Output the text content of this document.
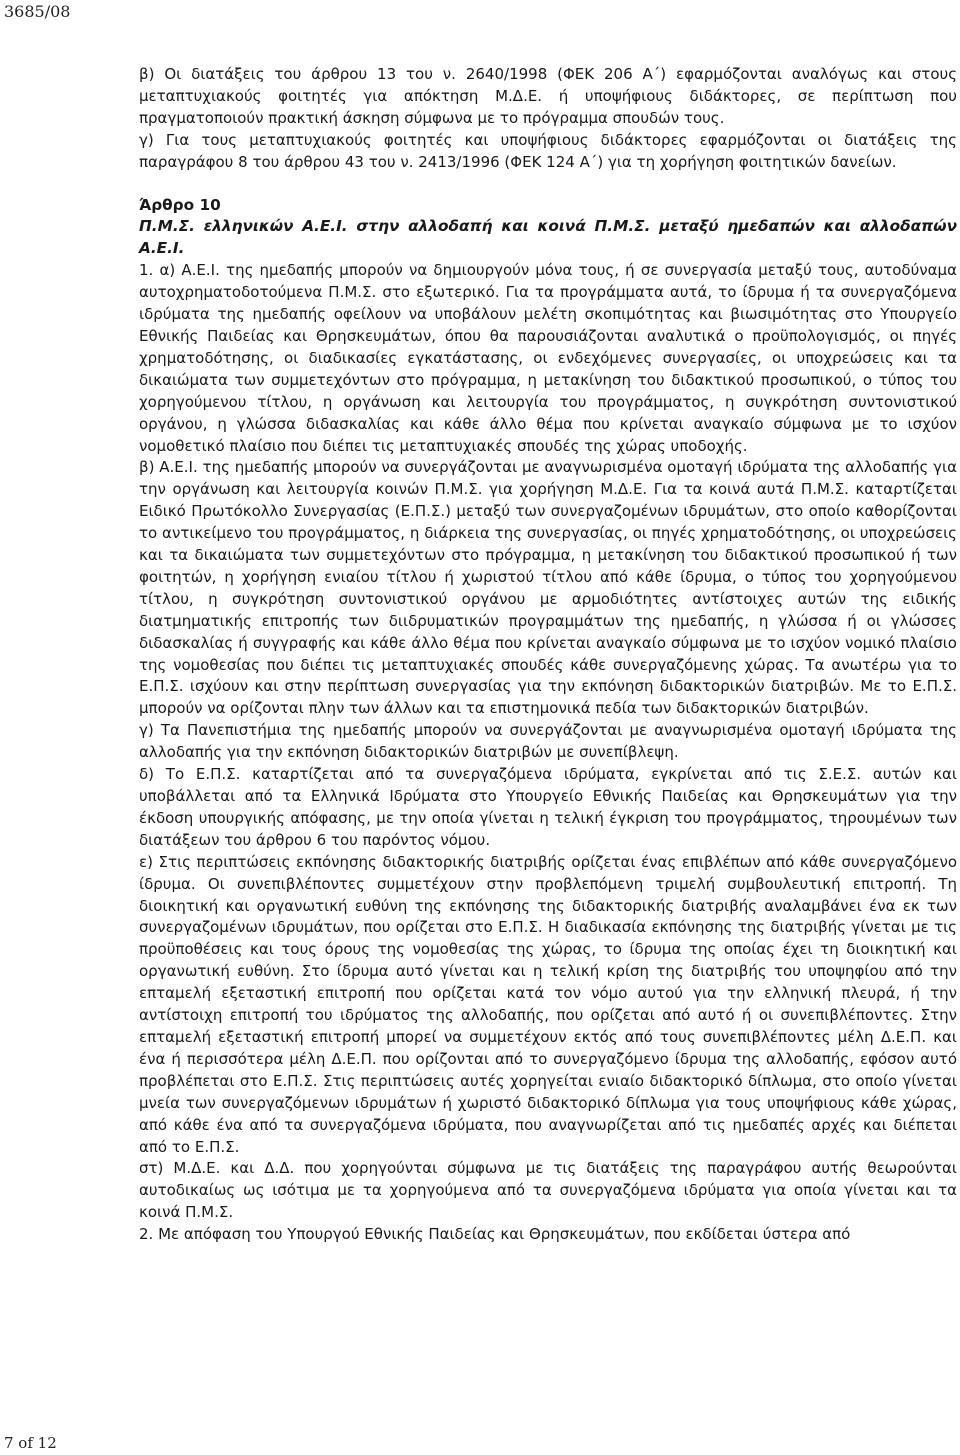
3685/08

β) Οι διατάξεις του άρθρου 13 του ν. 2640/1998 (ΦΕΚ 206 Α΄) εφαρμόζονται αναλόγως και στους μεταπτυχιακούς φοιτητές για απόκτηση Μ.Δ.Ε. ή υποψήφιους διδάκτορες, σε περίπτωση που πραγματοποιούν πρακτική άσκηση σύμφωνα με το πρόγραμμα σπουδών τους.

γ) Για τους μεταπτυχιακούς φοιτητές και υποψήφιους διδάκτορες εφαρμόζονται οι διατάξεις της παραγράφου 8 του άρθρου 43 του ν. 2413/1996 (ΦΕΚ 124 Α΄) για τη χορήγηση φοιτητικών δανείων.

Άρθρο 10

Π.Μ.Σ. ελληνικών Α.Ε.Ι. στην αλλοδαπή και κοινά Π.Μ.Σ. μεταξύ ημεδαπών και αλλοδαπών Α.Ε.Ι.

1. α) Α.Ε.Ι. της ημεδαπής μπορούν να δημιουργούν μόνα τους, ή σε συνεργασία μεταξύ τους, αυτοδύναμα αυτοχρηματοδοτούμενα Π.Μ.Σ. στο εξωτερικό. Για τα προγράμματα αυτά, το ίδρυμα ή τα συνεργαζόμενα ιδρύματα της ημεδαπής οφείλουν να υποβάλουν μελέτη σκοπιμότητας και βιωσιμότητας στο Υπουργείο Εθνικής Παιδείας και Θρησκευμάτων, όπου θα παρουσιάζονται αναλυτικά ο προϋπολογισμός, οι πηγές χρηματοδότησης, οι διαδικασίες εγκατάστασης, οι ενδεχόμενες συνεργασίες, οι υποχρεώσεις και τα δικαιώματα των συμμετεχόντων στο πρόγραμμα, η μετακίνηση του διδακτικού προσωπικού, ο τύπος του χορηγούμενου τίτλου, η οργάνωση και λειτουργία του προγράμματος, η συγκρότηση συντονιστικού οργάνου, η γλώσσα διδασκαλίας και κάθε άλλο θέμα που κρίνεται αναγκαίο σύμφωνα με το ισχύον νομοθετικό πλαίσιο που διέπει τις μεταπτυχιακές σπουδές της χώρας υποδοχής.

β) Α.Ε.Ι. της ημεδαπής μπορούν να συνεργάζονται με αναγνωρισμένα ομοταγή ιδρύματα της αλλοδαπής για την οργάνωση και λειτουργία κοινών Π.Μ.Σ. για χορήγηση Μ.Δ.Ε. Για τα κοινά αυτά Π.Μ.Σ. καταρτίζεται Ειδικό Πρωτόκολλο Συνεργασίας (Ε.Π.Σ.) μεταξύ των συνεργαζομένων ιδρυμάτων, στο οποίο καθορίζονται το αντικείμενο του προγράμματος, η διάρκεια της συνεργασίας, οι πηγές χρηματοδότησης, οι υποχρεώσεις και τα δικαιώματα των συμμετεχόντων στο πρόγραμμα, η μετακίνηση του διδακτικού προσωπικού ή των φοιτητών, η χορήγηση ενιαίου τίτλου ή χωριστού τίτλου από κάθε ίδρυμα, ο τύπος του χορηγούμενου τίτλου, η συγκρότηση συντονιστικού οργάνου με αρμοδιότητες αντίστοιχες αυτών της ειδικής διατμηματικής επιτροπής των διιδρυματικών προγραμμάτων της ημεδαπής, η γλώσσα ή οι γλώσσες διδασκαλίας ή συγγραφής και κάθε άλλο θέμα που κρίνεται αναγκαίο σύμφωνα με το ισχύον νομικό πλαίσιο της νομοθεσίας που διέπει τις μεταπτυχιακές σπουδές κάθε συνεργαζόμενης χώρας. Τα ανωτέρω για το Ε.Π.Σ. ισχύουν και στην περίπτωση συνεργασίας για την εκπόνηση διδακτορικών διατριβών. Με το Ε.Π.Σ. μπορούν να ορίζονται πλην των άλλων και τα επιστημονικά πεδία των διδακτορικών διατριβών.

γ) Τα Πανεπιστήμια της ημεδαπής μπορούν να συνεργάζονται με αναγνωρισμένα ομοταγή ιδρύματα της αλλοδαπής για την εκπόνηση διδακτορικών διατριβών με συνεπίβλεψη.

δ) Το Ε.Π.Σ. καταρτίζεται από τα συνεργαζόμενα ιδρύματα, εγκρίνεται από τις Σ.Ε.Σ. αυτών και υποβάλλεται από τα Ελληνικά Ιδρύματα στο Υπουργείο Εθνικής Παιδείας και Θρησκευμάτων για την έκδοση υπουργικής απόφασης, με την οποία γίνεται η τελική έγκριση του προγράμματος, τηρουμένων των διατάξεων του άρθρου 6 του παρόντος νόμου.

ε) Στις περιπτώσεις εκπόνησης διδακτορικής διατριβής ορίζεται ένας επιβλέπων από κάθε συνεργαζόμενο ίδρυμα. Οι συνεπιβλέποντες συμμετέχουν στην προβλεπόμενη τριμελή συμβουλευτική επιτροπή. Τη διοικητική και οργανωτική ευθύνη της εκπόνησης της διδακτορικής διατριβής αναλαμβάνει ένα εκ των συνεργαζομένων ιδρυμάτων, που ορίζεται στο Ε.Π.Σ. Η διαδικασία εκπόνησης της διατριβής γίνεται με τις προϋποθέσεις και τους όρους της νομοθεσίας της χώρας, το ίδρυμα της οποίας έχει τη διοικητική και οργανωτική ευθύνη. Στο ίδρυμα αυτό γίνεται και η τελική κρίση της διατριβής του υποψηφίου από την επταμελή εξεταστική επιτροπή που ορίζεται κατά τον νόμο αυτού για την ελληνική πλευρά, ή την αντίστοιχη επιτροπή του ιδρύματος της αλλοδαπής, που ορίζεται από αυτό ή οι συνεπιβλέποντες. Στην επταμελή εξεταστική επιτροπή μπορεί να συμμετέχουν εκτός από τους συνεπιβλέποντες μέλη Δ.Ε.Π. και ένα ή περισσότερα μέλη Δ.Ε.Π. που ορίζονται από το συνεργαζόμενο ίδρυμα της αλλοδαπής, εφόσον αυτό προβλέπεται στο Ε.Π.Σ. Στις περιπτώσεις αυτές χορηγείται ενιαίο διδακτορικό δίπλωμα, στο οποίο γίνεται μνεία των συνεργαζόμενων ιδρυμάτων ή χωριστό διδακτορικό δίπλωμα για τους υποψήφιους κάθε χώρας, από κάθε ένα από τα συνεργαζόμενα ιδρύματα, που αναγνωρίζεται από τις ημεδαπές αρχές και διέπεται από το Ε.Π.Σ.

στ) Μ.Δ.Ε. και Δ.Δ. που χορηγούνται σύμφωνα με τις διατάξεις της παραγράφου αυτής θεωρούνται αυτοδικαίως ως ισότιμα με τα χορηγούμενα από τα συνεργαζόμενα ιδρύματα για οποία γίνεται και τα κοινά Π.Μ.Σ.

2. Με απόφαση του Υπουργού Εθνικής Παιδείας και Θρησκευμάτων, που εκδίδεται ύστερα από

7 of 12
